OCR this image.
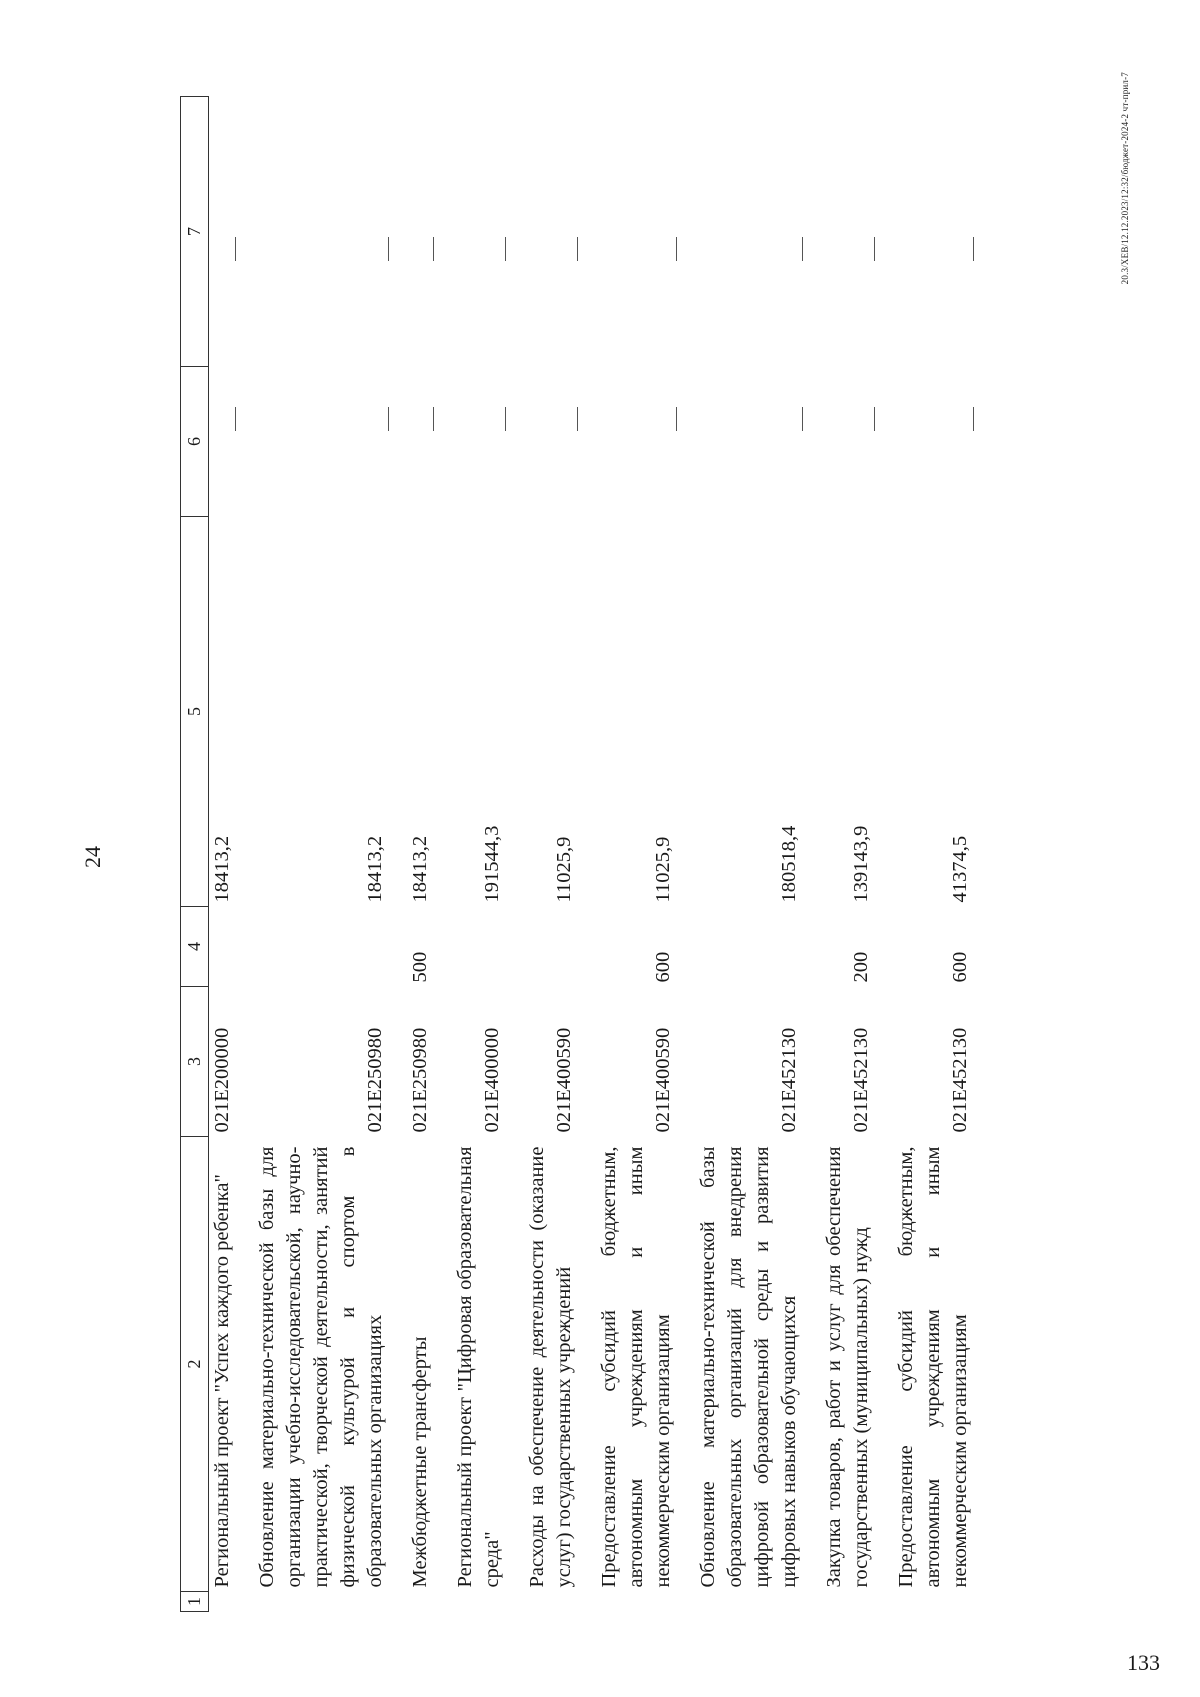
24
1	2	3	4	5	6	7
	Региональный проект "Успех каждого ребенка"	021E200000		18413,2	

	Обновление материально-технической базы для организации учебно-исследовательской, научно-практической, творческой деятельности, занятий физической культурой и спортом в образовательных организациях	021E250980		18413,2	

	Межбюджетные трансферты	021E250980	500	18413,2	

	Региональный проект "Цифровая образовательная среда"	021E400000		191544,3	

	Расходы на обеспечение деятельности (оказание услуг) государственных учреждений	021E400590		11025,9	

	Предоставление субсидий бюджетным, автономным учреждениям и иным некоммерческим организациям	021E400590	600	11025,9	

	Обновление материально-технической базы образовательных организаций для внедрения цифровой образовательной среды и развития цифровых навыков обучающихся	021E452130		180518,4	

	Закупка товаров, работ и услуг для обеспечения государственных (муниципальных) нужд	021E452130	200	139143,9	

	Предоставление субсидий бюджетным, автономным учреждениям и иным некоммерческим организациям	021E452130	600	41374,5	

20.3/XEB/12.12.2023/12:32/бюджет-2024-2 чт-прил-7
133
